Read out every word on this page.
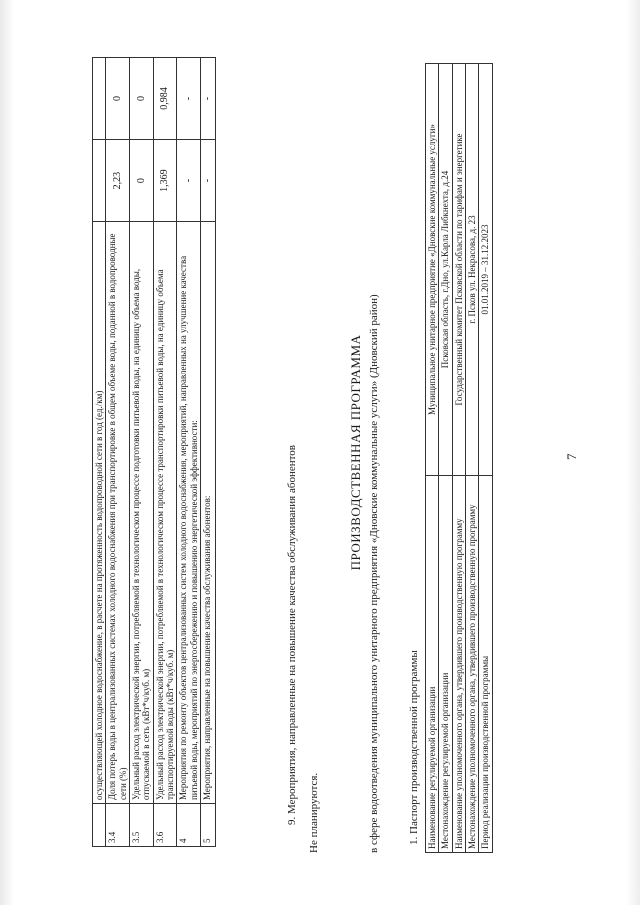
7
	осуществляющей холодное водоснабжение, в расчете на протяженность водопроводной сети в год (ед./км)		
3.4	Доля потерь воды в централизованных системах холодного водоснабжения при транспортировке в общем объеме воды, поданной в водопроводные сети (%)	2,23	0
3.5	Удельный расход электрической энергии, потребляемой в технологическом процессе подготовки питьевой воды, на единицу объема воды, отпускаемой в сеть (кВт*ч/куб. м)	0	0
3.6	Удельный расход электрической энергии, потребляемой в технологическом процессе транспортировки питьевой воды, на единицу объема транспортируемой воды (кВт*ч/куб. м)	1,369	0,984
4	Мероприятия по ремонту объектов централизованных систем холодного водоснабжения, мероприятий, направленных на улучшение качества питьевой воды, мероприятий по энергосбережению и повышению энергетической эффективности:	-	-
5	Мероприятия, направленные на повышение качества обслуживания абонентов:	-	-
9. Мероприятия, направленные на повышение качества обслуживания абонентов Не планируются.
ПРОИЗВОДСТВЕННАЯ ПРОГРАММА в сфере водоотведения муниципального унитарного предприятия «Дновские коммунальные услуги» (Дновский район)	1. Паспорт производственной программы Наименование регулируемой организации	Муниципальное унитарное предприятие «Дновские коммунальные услуги»
Местонахождение регулируемой организации	Псковская область, г.Дно, ул.Карла Либкнехта, д.24
Наименование уполномоченного органа, утвердившего производственную программу	Государственный комитет Псковской области по тарифам и энергетике
Местонахождение уполномоченного органа, утвердившего производственную программу	г. Псков ул. Некрасова, д. 23
Период реализации производственной программы	01.01.2019 – 31.12.2023
